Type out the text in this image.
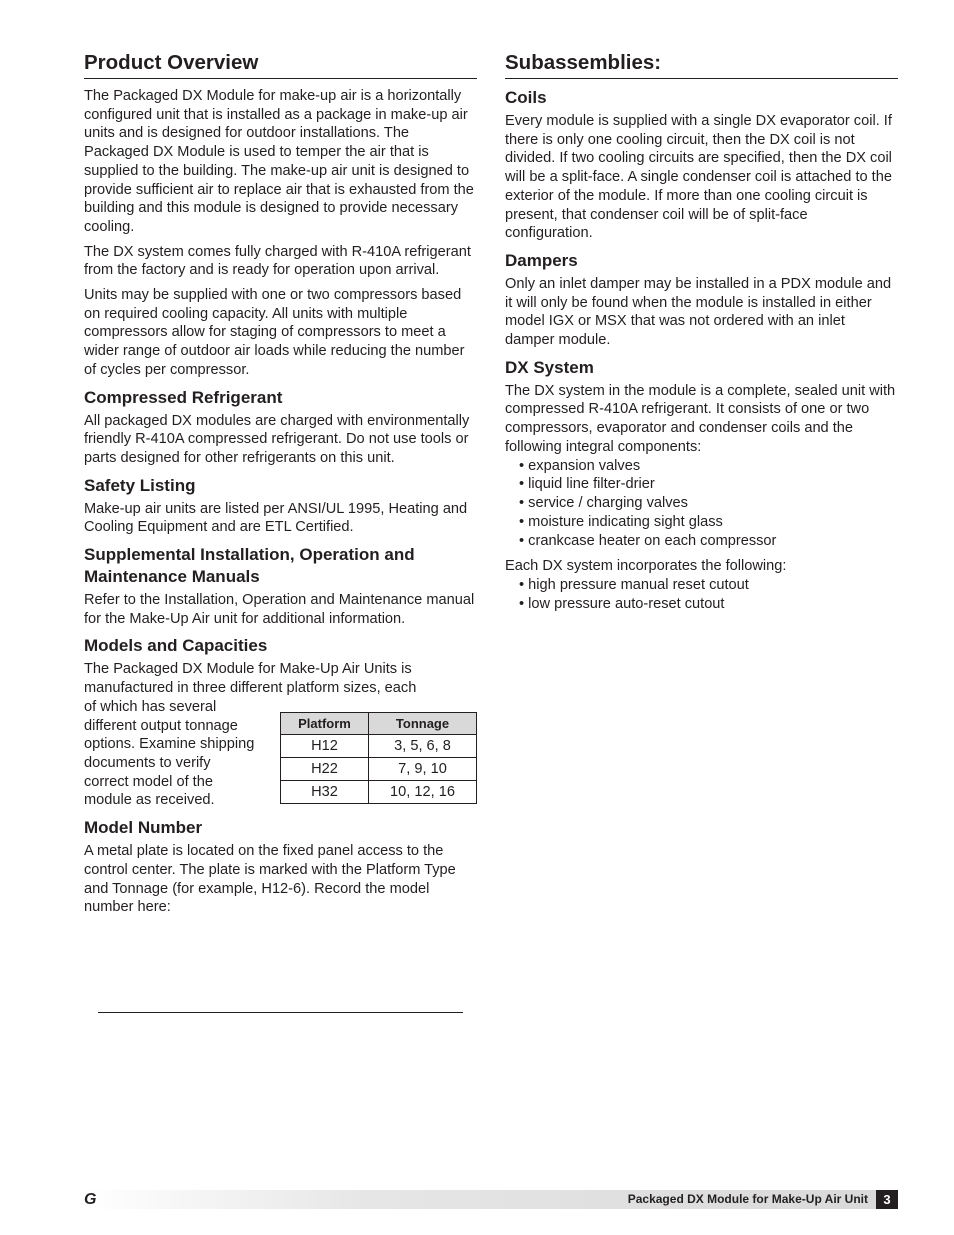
Product Overview

The Packaged DX Module for make-up air is a horizontally configured unit that is installed as a package in make-up air units and is designed for outdoor installations. The Packaged DX Module is used to temper the air that is supplied to the building. The make-up air unit is designed to provide sufficient air to replace air that is exhausted from the building and this module is designed to provide necessary cooling.

The DX system comes fully charged with R-410A refrigerant from the factory and is ready for operation upon arrival.

Units may be supplied with one or two compressors based on required cooling capacity. All units with multiple compressors allow for staging of compressors to meet a wider range of outdoor air loads while reducing the number of cycles per compressor.

Compressed Refrigerant

All packaged DX modules are charged with environmentally friendly R-410A compressed refrigerant. Do not use tools or parts designed for other refrigerants on this unit.

Safety Listing

Make-up air units are listed per ANSI/UL 1995, Heating and Cooling Equipment and are ETL Certified.

Supplemental Installation, Operation and Maintenance Manuals

Refer to the Installation, Operation and Maintenance manual for the Make-Up Air unit for additional information.

Models and Capacities

The Packaged DX Module for Make-Up Air Units is manufactured in three different platform sizes, each

of which has several different output tonnage options. Examine shipping documents to verify correct model of the module as received.

Platform	Tonnage
H12	3, 5, 6, 8
H22	7, 9, 10
H32	10, 12, 16
Model Number

A metal plate is located on the fixed panel access to the control center. The plate is marked with the Platform Type and Tonnage (for example, H12-6). Record the model number here:

Subassemblies:
Coils

Every module is supplied with a single DX evaporator coil. If there is only one cooling circuit, then the DX coil is not divided. If two cooling circuits are specified, then the DX coil will be a split-face. A single condenser coil is attached to the exterior of the module. If more than one cooling circuit is present, that condenser coil will be of split-face configuration.

Dampers

Only an inlet damper may be installed in a PDX module and it will only be found when the module is installed in either model IGX or MSX that was not ordered with an inlet damper module.

DX System

The DX system in the module is a complete, sealed unit with compressed R-410A refrigerant. It consists of one or two compressors, evaporator and condenser coils and the following integral components:

• expansion valves
• liquid line filter-drier
• service / charging valves
• moisture indicating sight glass
• crankcase heater on each compressor

Each DX system incorporates the following:

• high pressure manual reset cutout
• low pressure auto-reset cutout
G	Packaged DX Module for Make-Up Air Unit	3
